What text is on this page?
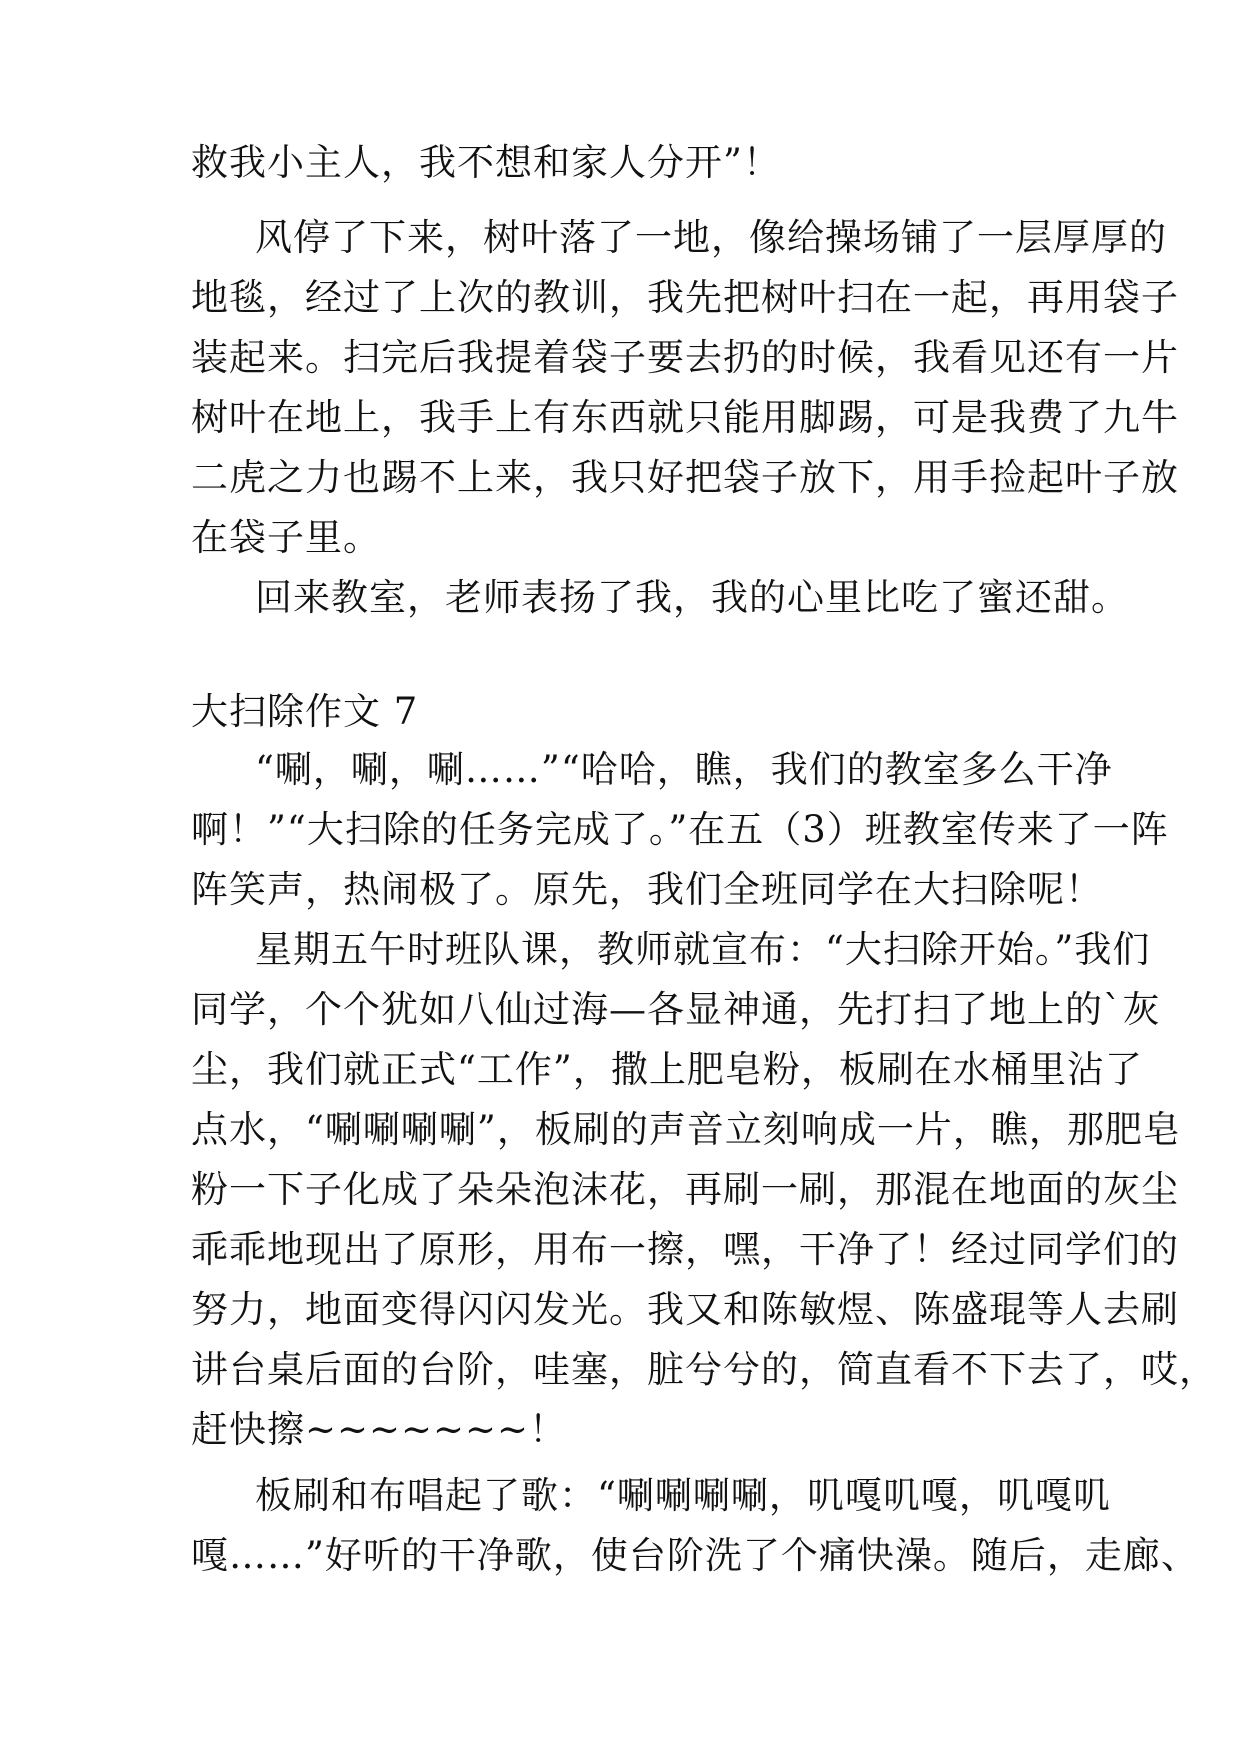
救我小主人，我不想和家人分开”！
风停了下来，树叶落了一地，像给操场铺了一层厚厚的
地毯，经过了上次的教训，我先把树叶扫在一起，再用袋子
装起来。扫完后我提着袋子要去扔的时候，我看见还有一片
树叶在地上，我手上有东西就只能用脚踢，可是我费了九牛
二虎之力也踢不上来，我只好把袋子放下，用手捡起叶子放
在袋子里。
回来教室，老师表扬了我，我的心里比吃了蜜还甜。
大扫除作文 7
“唰，唰，唰……”“哈哈，瞧，我们的教室多么干净
啊！”“大扫除的任务完成了。”在五（3）班教室传来了一阵
阵笑声，热闹极了。原先，我们全班同学在大扫除呢！
星期五午时班队课，教师就宣布：“大扫除开始。”我们
同学，个个犹如八仙过海—各显神通，先打扫了地上的`灰
尘，我们就正式“工作”，撒上肥皂粉，板刷在水桶里沾了
点水，“唰唰唰唰”，板刷的声音立刻响成一片，瞧，那肥皂
粉一下子化成了朵朵泡沫花，再刷一刷，那混在地面的灰尘
乖乖地现出了原形，用布一擦，嘿，干净了！经过同学们的
努力，地面变得闪闪发光。我又和陈敏煜、陈盛琨等人去刷
讲台桌后面的台阶，哇塞，脏兮兮的，简直看不下去了，哎，
赶快擦~~~~~~~！
板刷和布唱起了歌：“唰唰唰唰，叽嘎叽嘎，叽嘎叽
嘎……”好听的干净歌，使台阶洗了个痛快澡。随后，走廊、
